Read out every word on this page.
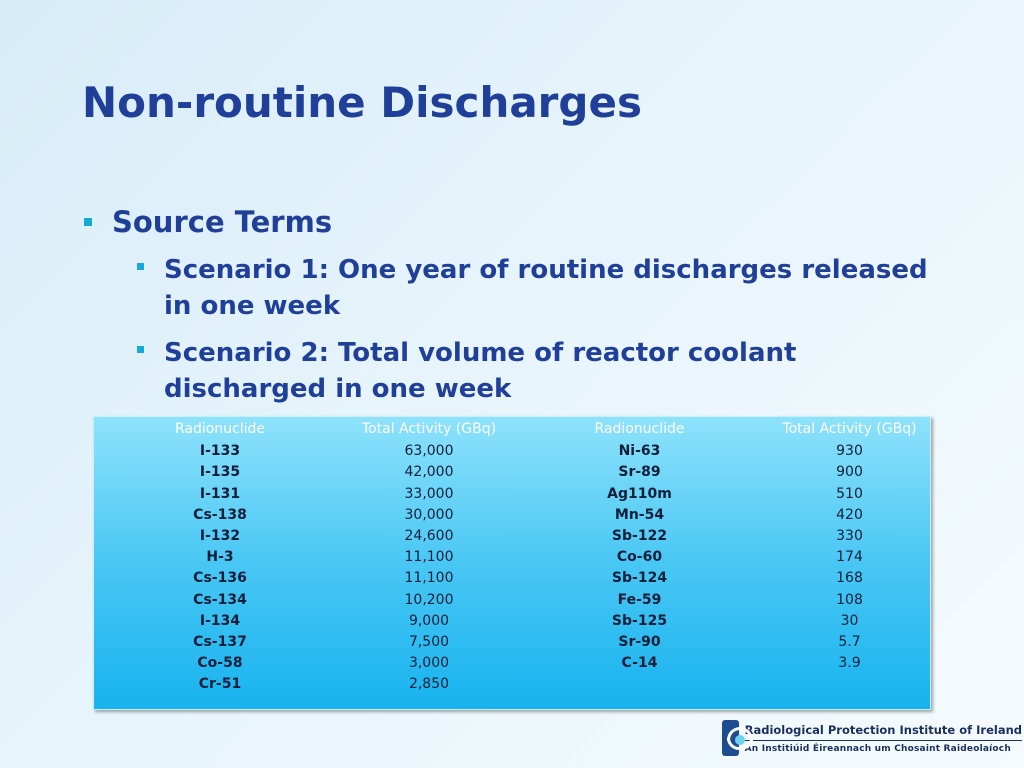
Non-routine Discharges
Source Terms
Scenario 1: One year of routine discharges released in one week
Scenario 2: Total volume of reactor coolant discharged in one week
Radionuclide	Total Activity (GBq)	Radionuclide	Total Activity (GBq)
I-133	63,000	Ni-63	930
I-135	42,000	Sr-89	900
I-131	33,000	Ag110m	510
Cs-138	30,000	Mn-54	420
I-132	24,600	Sb-122	330
H-3	11,100	Co-60	174
Cs-136	11,100	Sb-124	168
Cs-134	10,200	Fe-59	108
I-134	9,000	Sb-125	30
Cs-137	7,500	Sr-90	5.7
Co-58	3,000	C-14	3.9
Cr-51	2,850		
Radiological Protection Institute of Ireland
An Institiúid Éireannach um Chosaint Raideolaíoch
